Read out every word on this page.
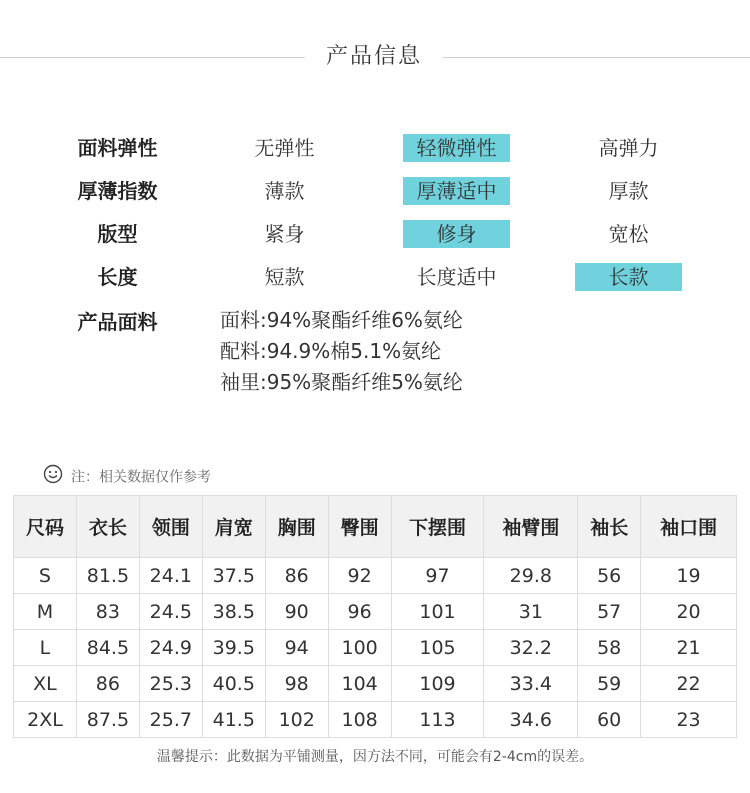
产品信息
面料弹性	无弹性	轻微弹性	高弹力
厚薄指数	薄款	厚薄适中	厚款
版型	紧身	修身	宽松
长度	短款	长度适中	长款
产品面料	面料:94%聚酯纤维6%氨纶
配料:94.9%棉5.1%氨纶
袖里:95%聚酯纤维5%氨纶
注：相关数据仅作参考
尺码	衣长	领围	肩宽	胸围	臀围	下摆围	袖臂围	袖长	袖口围
S	81.5	24.1	37.5	86	92	97	29.8	56	19
M	83	24.5	38.5	90	96	101	31	57	20
L	84.5	24.9	39.5	94	100	105	32.2	58	21
XL	86	25.3	40.5	98	104	109	33.4	59	22
2XL	87.5	25.7	41.5	102	108	113	34.6	60	23
温馨提示：此数据为平铺测量，因方法不同，可能会有2-4cm的误差。
